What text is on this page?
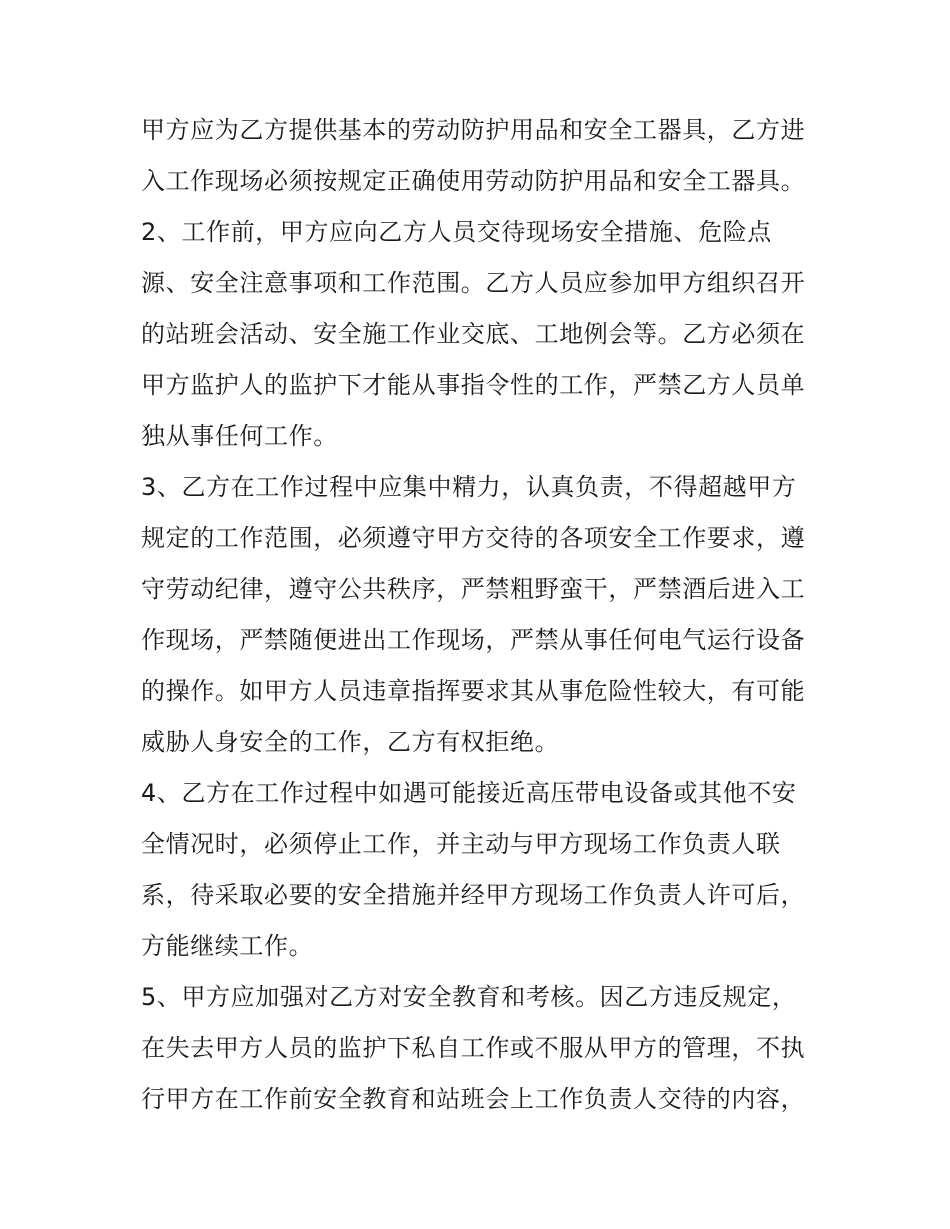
甲方应为乙方提供基本的劳动防护用品和安全工器具，乙方进
入工作现场必须按规定正确使用劳动防护用品和安全工器具。
2、工作前，甲方应向乙方人员交待现场安全措施、危险点
源、安全注意事项和工作范围。乙方人员应参加甲方组织召开
的站班会活动、安全施工作业交底、工地例会等。乙方必须在
甲方监护人的监护下才能从事指令性的工作，严禁乙方人员单
独从事任何工作。
3、乙方在工作过程中应集中精力，认真负责，不得超越甲方
规定的工作范围，必须遵守甲方交待的各项安全工作要求，遵
守劳动纪律，遵守公共秩序，严禁粗野蛮干，严禁酒后进入工
作现场，严禁随便进出工作现场，严禁从事任何电气运行设备
的操作。如甲方人员违章指挥要求其从事危险性较大，有可能
威胁人身安全的工作，乙方有权拒绝。
4、乙方在工作过程中如遇可能接近高压带电设备或其他不安
全情况时，必须停止工作，并主动与甲方现场工作负责人联
系，待采取必要的安全措施并经甲方现场工作负责人许可后，
方能继续工作。
5、甲方应加强对乙方对安全教育和考核。因乙方违反规定，
在失去甲方人员的监护下私自工作或不服从甲方的管理，不执
行甲方在工作前安全教育和站班会上工作负责人交待的内容，
